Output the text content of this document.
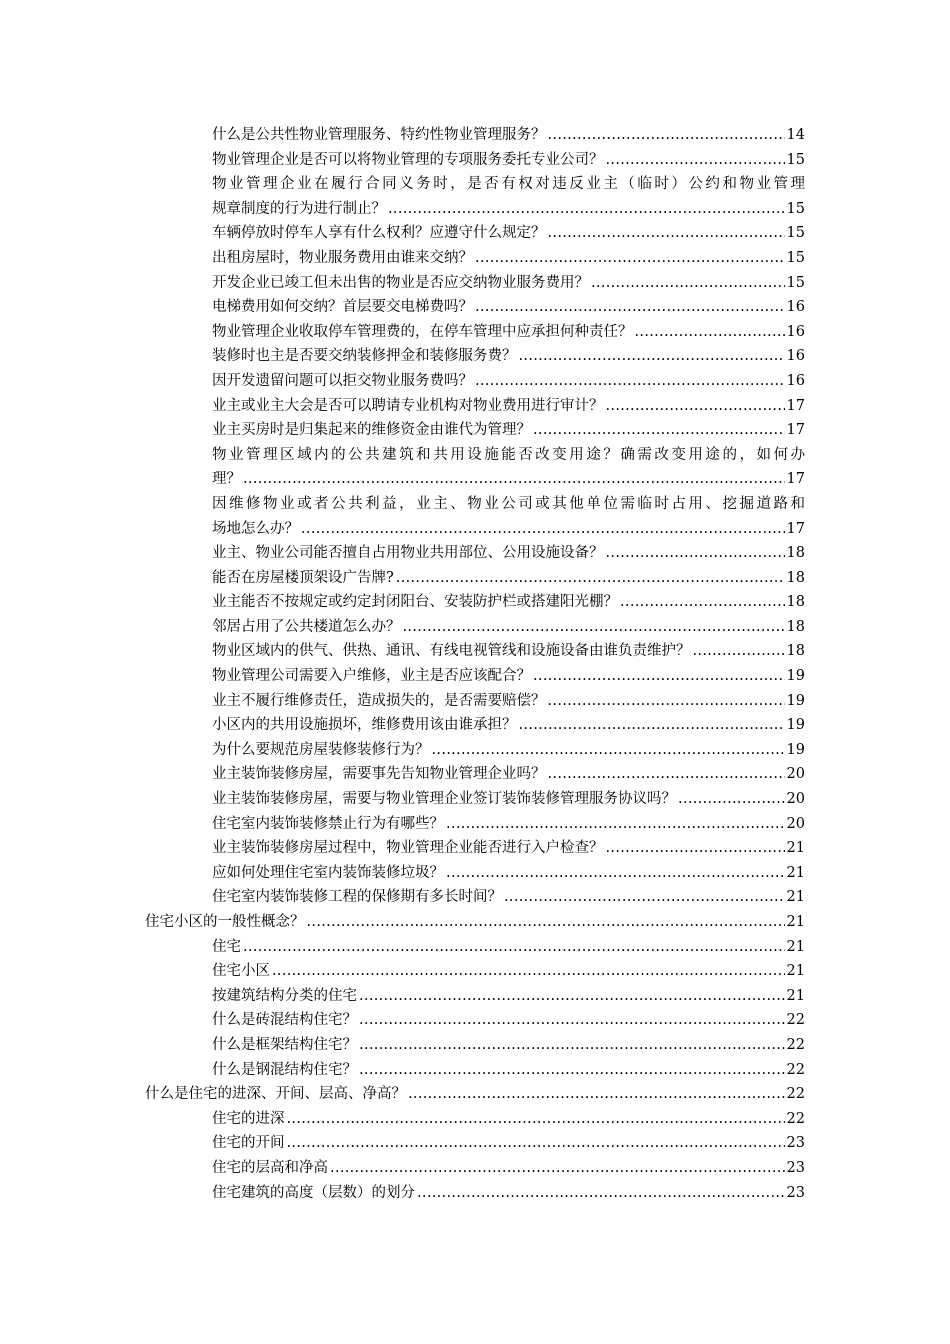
什么是公共性物业管理服务、特约性物业管理服务？ .....	14
物业管理企业是否可以将物业管理的专项服务委托专业公司？ .....	15
物业管理企业在履行合同义务时，是否有权对违反业主（临时）公约和物业管理
规章制度的行为进行制止？ .....	15
车辆停放时停车人享有什么权利？应遵守什么规定？ .....	15
出租房屋时，物业服务费用由谁来交纳？ .....	15
开发企业已竣工但未出售的物业是否应交纳物业服务费用？ .....	15
电梯费用如何交纳？首层要交电梯费吗？ .....	16
物业管理企业收取停车管理费的，在停车管理中应承担何种责任？ .....	16
装修时也主是否要交纳装修押金和装修服务费？ .....	16
因开发遗留问题可以拒交物业服务费吗？ .....	16
业主或业主大会是否可以聘请专业机构对物业费用进行审计？ .....	17
业主买房时是归集起来的维修资金由谁代为管理？ .....	17
物业管理区域内的公共建筑和共用设施能否改变用途？确需改变用途的，如何办
理？ .....	17
因维修物业或者公共利益，业主、物业公司或其他单位需临时占用、挖掘道路和
场地怎么办？ .....	17
业主、物业公司能否擅自占用物业共用部位、公用设施设备？ .....	18
能否在房屋楼顶架设广告牌? .....	18
业主能否不按规定或约定封闭阳台、安装防护栏或搭建阳光棚？ .....	18
邻居占用了公共楼道怎么办？ .....	18
物业区域内的供气、供热、通讯、有线电视管线和设施设备由谁负责维护？ .....	18
物业管理公司需要入户维修，业主是否应该配合？ .....	19
业主不履行维修责任，造成损失的，是否需要赔偿？ .....	19
小区内的共用设施损坏，维修费用该由谁承担？ .....	19
为什么要规范房屋装修装修行为？ .....	19
业主装饰装修房屋，需要事先告知物业管理企业吗？ .....	20
业主装饰装修房屋，需要与物业管理企业签订装饰装修管理服务协议吗？ .....	20
住宅室内装饰装修禁止行为有哪些？ .....	20
业主装饰装修房屋过程中，物业管理企业能否进行入户检查？ .....	21
应如何处理住宅室内装饰装修垃圾？ .....	21
住宅室内装饰装修工程的保修期有多长时间？ .....	21
住宅小区的一般性概念？ .....	21
住宅 .....	21
住宅小区 .....	21
按建筑结构分类的住宅 .....	21
什么是砖混结构住宅？ .....	22
什么是框架结构住宅？ .....	22
什么是钢混结构住宅？ .....	22
什么是住宅的进深、开间、层高、净高？ .....	22
住宅的进深 .....	22
住宅的开间 .....	23
住宅的层高和净高 .....	23
住宅建筑的高度（层数）的划分 .....	23
